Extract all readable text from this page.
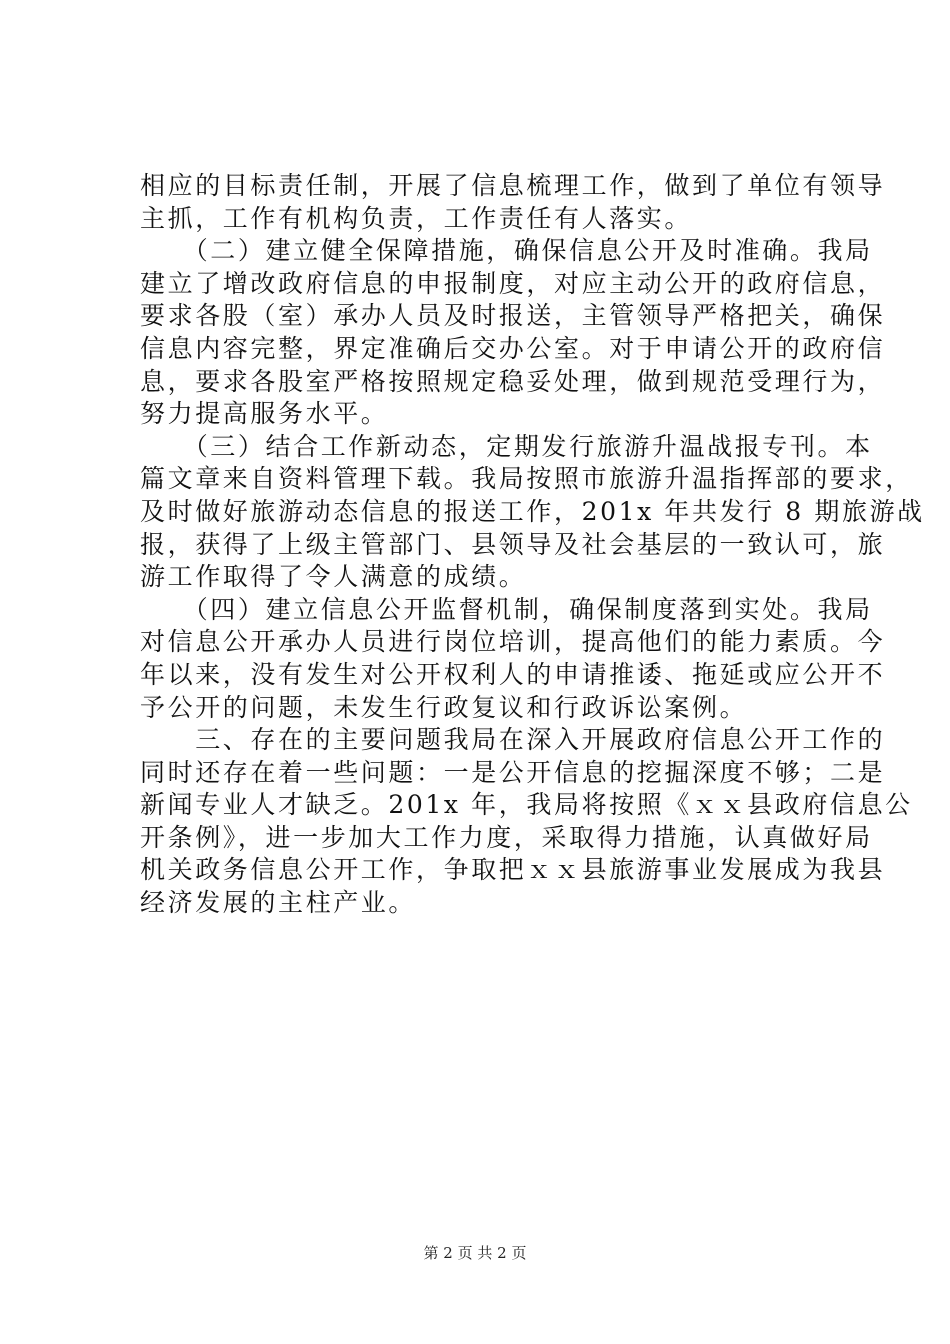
相应的目标责任制，开展了信息梳理工作，做到了单位有领导
主抓，工作有机构负责，工作责任有人落实。
　　（二）建立健全保障措施，确保信息公开及时准确。我局
建立了增改政府信息的申报制度，对应主动公开的政府信息，
要求各股（室）承办人员及时报送，主管领导严格把关，确保
信息内容完整，界定准确后交办公室。对于申请公开的政府信
息，要求各股室严格按照规定稳妥处理，做到规范受理行为，
努力提高服务水平。
　　（三）结合工作新动态，定期发行旅游升温战报专刊。本
篇文章来自资料管理下载。我局按照市旅游升温指挥部的要求，
及时做好旅游动态信息的报送工作，201x 年共发行 8 期旅游战
报，获得了上级主管部门、县领导及社会基层的一致认可，旅
游工作取得了令人满意的成绩。
　　（四）建立信息公开监督机制，确保制度落到实处。我局
对信息公开承办人员进行岗位培训，提高他们的能力素质。今
年以来，没有发生对公开权利人的申请推诿、拖延或应公开不
予公开的问题，未发生行政复议和行政诉讼案例。
　　三、存在的主要问题我局在深入开展政府信息公开工作的
同时还存在着一些问题：一是公开信息的挖掘深度不够；二是
新闻专业人才缺乏。201x 年，我局将按照《ｘｘ县政府信息公
开条例》，进一步加大工作力度，采取得力措施，认真做好局
机关政务信息公开工作，争取把ｘｘ县旅游事业发展成为我县
经济发展的主柱产业。
第 2 页 共 2 页
